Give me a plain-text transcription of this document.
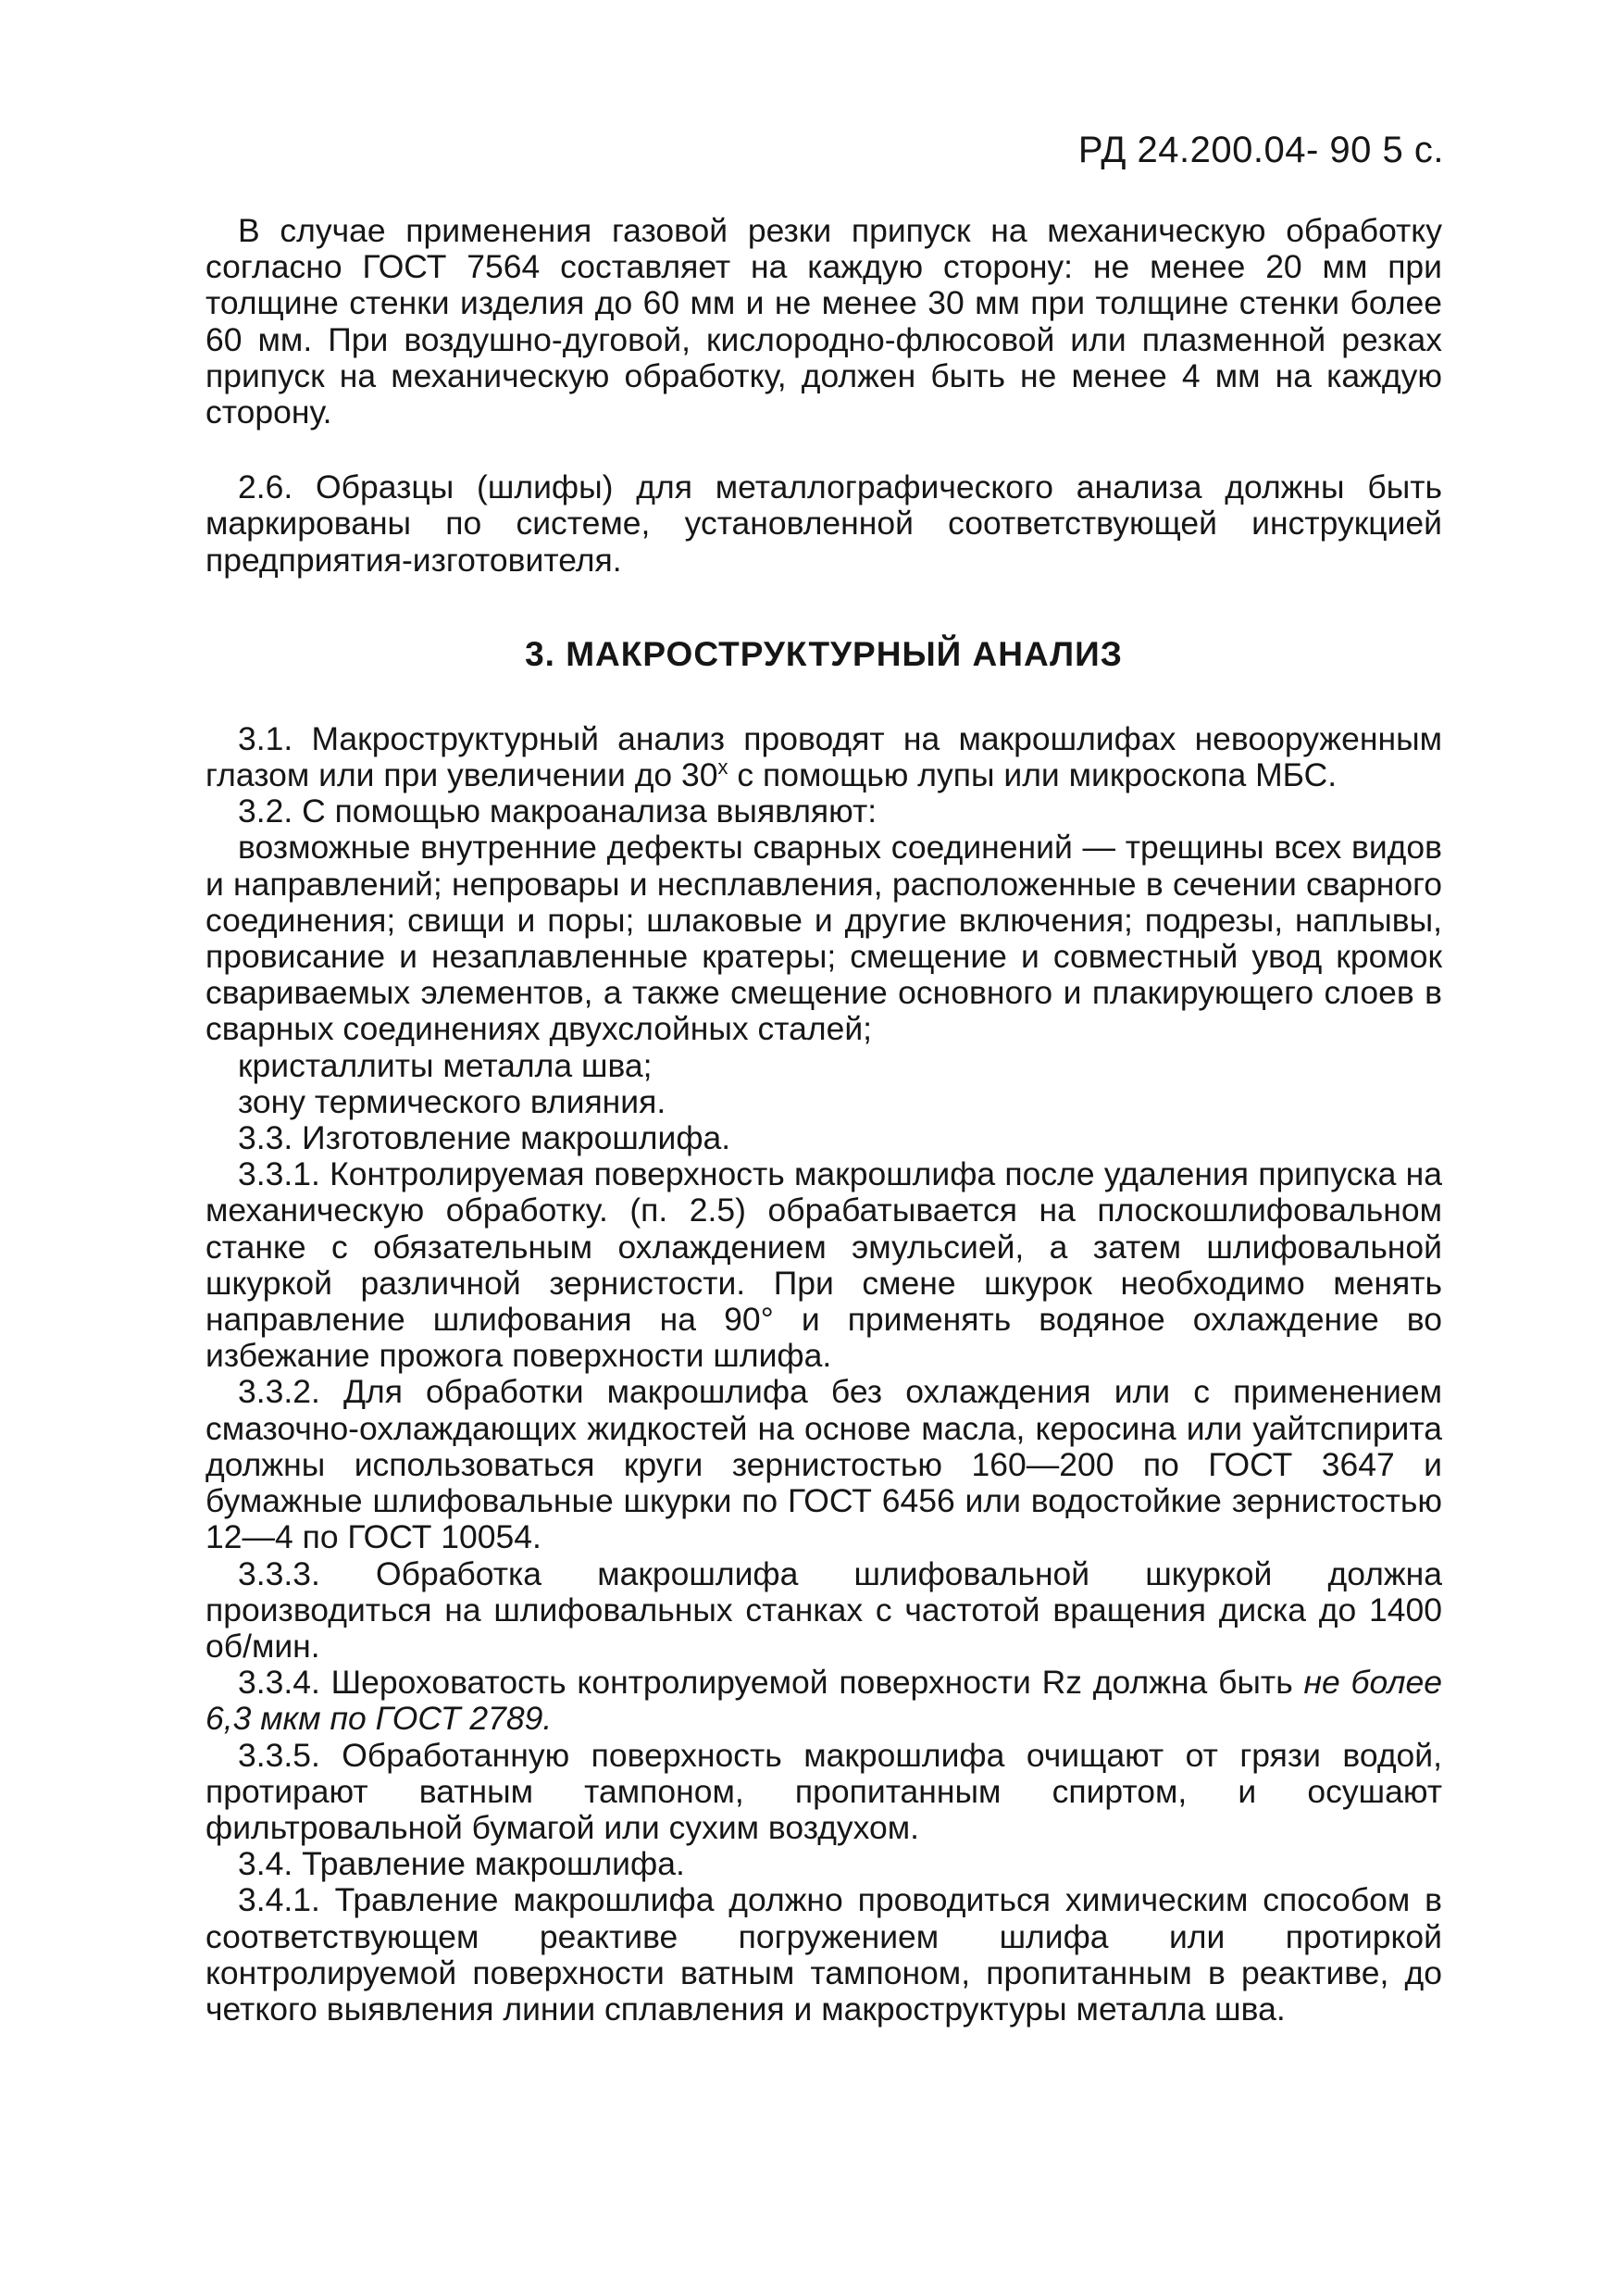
РД 24.200.04- 90 5 с.

В случае применения газовой резки припуск на механическую обработку согласно ГОСТ 7564 составляет на каждую сторону: не менее 20 мм при толщине стенки изделия до 60 мм и не менее 30 мм при толщине стенки более 60 мм. При воздушно-дуговой, кислородно-флюсовой или плазменной резках припуск на механическую обработку, должен быть не менее 4 мм на каждую сторону.

2.6. Образцы (шлифы) для металлографического анализа должны быть маркированы по системе, установленной соответствующей инструкцией предприятия-изготовителя.

3. МАКРОСТРУКТУРНЫЙ АНАЛИЗ

3.1. Макроструктурный анализ проводят на макрошлифах невооруженным глазом или при увеличении до 30$^x$ с помощью лупы или микроскопа МБС.

3.2. С помощью макроанализа выявляют:

возможные внутренние дефекты сварных соединений — трещины всех видов и направлений; непровары и несплавления, расположенные в сечении сварного соединения; свищи и поры; шлаковые и другие включения; подрезы, наплывы, провисание и незаплавленные кратеры; смещение и совместный увод кромок свариваемых элементов, а также смещение основного и плакирующего слоев в сварных соединениях двухслойных сталей;

кристаллиты металла шва;

зону термического влияния.

3.3. Изготовление макрошлифа.

3.3.1. Контролируемая поверхность макрошлифа после удаления припуска на механическую обработку. (п. 2.5) обрабатывается на плоскошлифовальном станке с обязательным охлаждением эмульсией, а затем шлифовальной шкуркой различной зернистости. При смене шкурок необходимо менять направление шлифования на 90° и применять водяное охлаждение во избежание прожога поверхности шлифа.

3.3.2. Для обработки макрошлифа без охлаждения или с применением смазочно-охлаждающих жидкостей на основе масла, керосина или уайтспирита должны использоваться круги зернистостью 160—200 по ГОСТ 3647 и бумажные шлифовальные шкурки по ГОСТ 6456 или водостойкие зернистостью 12—4 по ГОСТ 10054.

3.3.3. Обработка макрошлифа шлифовальной шкуркой должна производиться на шлифовальных станках с частотой вращения диска до 1400 об/мин.

3.3.4. Шероховатость контролируемой поверхности Rz должна быть не более 6,3 мкм по ГОСТ 2789.

3.3.5. Обработанную поверхность макрошлифа очищают от грязи водой, протирают ватным тампоном, пропитанным спиртом, и осушают фильтровальной бумагой или сухим воздухом.

3.4. Травление макрошлифа.

3.4.1. Травление макрошлифа должно проводиться химическим способом в соответствующем реактиве погружением шлифа или протиркой контролируемой поверхности ватным тампоном, пропитанным в реактиве, до четкого выявления линии сплавления и макроструктуры металла шва.
